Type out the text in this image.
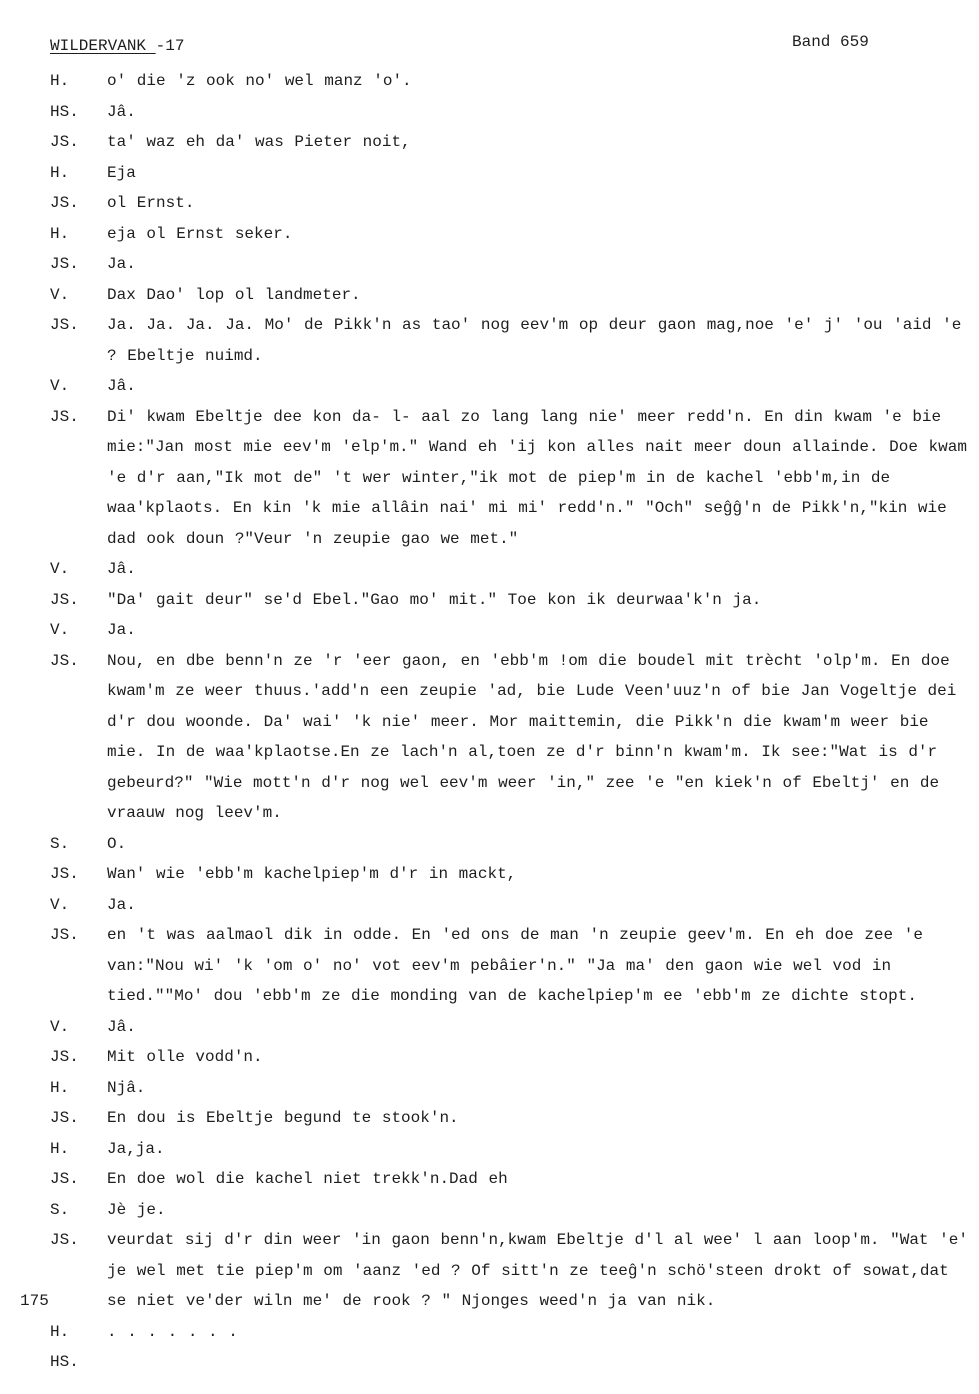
WILDERVANK -17	Band 659
175
H.	o' die 'z ook no' wel manz 'o'.
HS.	Jâ.
JS.	ta' waz eh da' was Pieter noit,
H.	Eja
JS.	ol Ernst.
H.	eja ol Ernst seker.
JS.	Ja.
V.	Dax Dao' lop ol landmeter.
JS.	Ja. Ja. Ja. Ja. Mo' de Pikk'n as tao' nog eev'm op deur gaon mag,noe 'e' j' 'ou 'aid 'e ? Ebeltje nuimd.
V.	Jâ.
JS.	Di' kwam Ebeltje dee kon da- l- aal zo lang lang nie' meer redd'n. En din kwam 'e bie mie:"Jan most mie eev'm 'elp'm." Wand eh 'ij kon alles nait meer doun allainde. Doe kwam 'e d'r aan,"Ik mot de" 't wer winter,"ik mot de piep'm in de kachel 'ebb'm,in de waa'kplaots. En kin 'k mie allâin nai' mi mi' redd'n." "Och" seĝĝ'n de Pikk'n,"kin wie dad ook doun ?"Veur 'n zeupie gao we met."
V.	Jâ.
JS.	"Da' gait deur" se'd Ebel."Gao mo' mit." Toe kon ik deurwaa'k'n ja.
V.	Ja.
JS.	Nou, en dbe benn'n ze 'r 'eer gaon, en 'ebb'm !om die boudel mit trècht 'olp'm. En doe kwam'm ze weer thuus.'add'n een zeupie 'ad, bie Lude Veen'uuz'n of bie Jan Vogeltje dei d'r dou woonde. Da' wai' 'k nie' meer. Mor maittemin, die Pikk'n die kwam'm weer bie mie. In de waa'kplaotse.En ze lach'n al,toen ze d'r binn'n kwam'm. Ik see:"Wat is d'r gebeurd?" "Wie mott'n d'r nog wel eev'm weer 'in," zee 'e "en kiek'n of Ebeltj' en de vraauw nog leev'm.
S.	O.
JS.	Wan' wie 'ebb'm kachelpiep'm d'r in mackt,
V.	Ja.
JS.	en 't was aalmaol dik in odde. En 'ed ons de man 'n zeupie geev'm. En eh doe zee 'e van:"Nou wi' 'k 'om o' no' vot eev'm pebâier'n." "Ja ma' den gaon wie wel vod in tied.""Mo' dou 'ebb'm ze die monding van de kachelpiep'm ee 'ebb'm ze dichte stopt.
V.	Jâ.
JS.	Mit olle vodd'n.
H.	Njâ.
JS.	En dou is Ebeltje begund te stook'n.
H.	Ja,ja.
JS.	En doe wol die kachel niet trekk'n.Dad eh
S.	Jè je.
JS.	veurdat sij d'r din weer 'in gaon benn'n,kwam Ebeltje d'l al wee' l aan loop'm. "Wat 'e' je wel met tie piep'm om 'aanz 'ed ? Of sitt'n ze teeĝ'n schö'steen drokt of sowat,dat se niet ve'der wiln me' de rook ? " Njonges weed'n ja van nik.
H.	. . . . . . .
HS.
